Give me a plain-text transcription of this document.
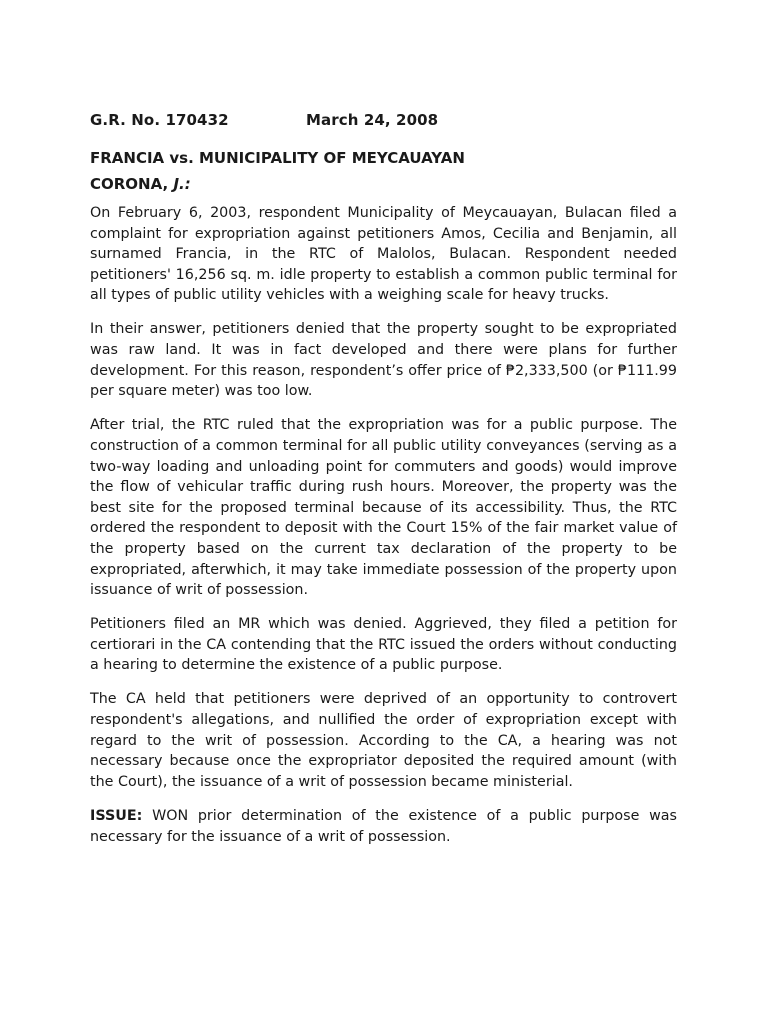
G.R. No. 170432	March 24, 2008

FRANCIA vs. MUNICIPALITY OF MEYCAUAYAN

CORONA, J.:

On February 6, 2003, respondent Municipality of Meycauayan, Bulacan filed a complaint for expropriation against petitioners Amos, Cecilia and Benjamin, all surnamed Francia, in the RTC of Malolos, Bulacan. Respondent needed petitioners' 16,256 sq. m. idle property to establish a common public terminal for all types of public utility vehicles with a weighing scale for heavy trucks.

In their answer, petitioners denied that the property sought to be expropriated was raw land. It was in fact developed and there were plans for further development. For this reason, respondent’s offer price of ₱2,333,500 (or ₱111.99 per square meter) was too low.

After trial, the RTC ruled that the expropriation was for a public purpose. The construction of a common terminal for all public utility conveyances (serving as a two-way loading and unloading point for commuters and goods) would improve the flow of vehicular traffic during rush hours. Moreover, the property was the best site for the proposed terminal because of its accessibility. Thus, the RTC ordered the respondent to deposit with the Court 15% of the fair market value of the property based on the current tax declaration of the property to be expropriated, afterwhich, it may take immediate possession of the property upon issuance of writ of possession.

Petitioners filed an MR which was denied. Aggrieved, they filed a petition for certiorari in the CA contending that the RTC issued the orders without conducting a hearing to determine the existence of a public purpose.

The CA held that petitioners were deprived of an opportunity to controvert respondent's allegations, and nullified the order of expropriation except with regard to the writ of possession. According to the CA, a hearing was not necessary because once the expropriator deposited the required amount (with the Court), the issuance of a writ of possession became ministerial.

ISSUE: WON prior determination of the existence of a public purpose was necessary for the issuance of a writ of possession.
